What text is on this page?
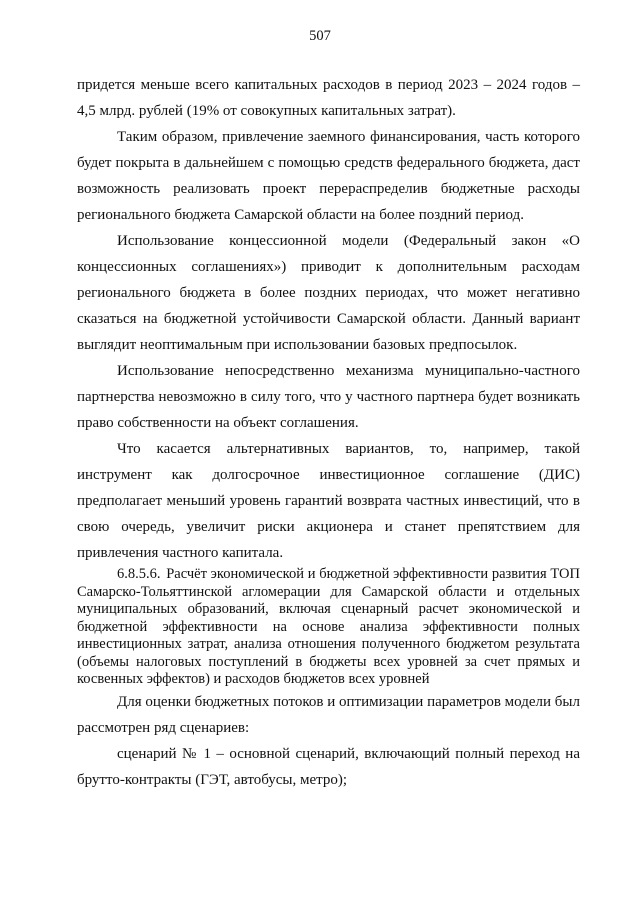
507

придется меньше всего капитальных расходов в период 2023 – 2024 годов – 4,5 млрд. рублей (19% от совокупных капитальных затрат).

Таким образом, привлечение заемного финансирования, часть которого будет покрыта в дальнейшем с помощью средств федерального бюджета, даст возможность реализовать проект перераспределив бюджетные расходы регионального бюджета Самарской области на более поздний период.

Использование концессионной модели (Федеральный закон «О концессионных соглашениях») приводит к дополнительным расходам регионального бюджета в более поздних периодах, что может негативно сказаться на бюджетной устойчивости Самарской области. Данный вариант выглядит неоптимальным при использовании базовых предпосылок.

Использование непосредственно механизма муниципально-частного партнерства невозможно в силу того, что у частного партнера будет возникать право собственности на объект соглашения.

Что касается альтернативных вариантов, то, например, такой инструмент как долгосрочное инвестиционное соглашение (ДИС) предполагает меньший уровень гарантий возврата частных инвестиций, что в свою очередь, увеличит риски акционера и станет препятствием для привлечения частного капитала.

6.8.5.6. Расчёт экономической и бюджетной эффективности развития ТОП Самарско-Тольяттинской агломерации для Самарской области и отдельных муниципальных образований, включая сценарный расчет экономической и бюджетной эффективности на основе анализа эффективности полных инвестиционных затрат, анализа отношения полученного бюджетом результата (объемы налоговых поступлений в бюджеты всех уровней за счет прямых и косвенных эффектов) и расходов бюджетов всех уровней

Для оценки бюджетных потоков и оптимизации параметров модели был рассмотрен ряд сценариев:

сценарий № 1 – основной сценарий, включающий полный переход на брутто-контракты (ГЭТ, автобусы, метро);
